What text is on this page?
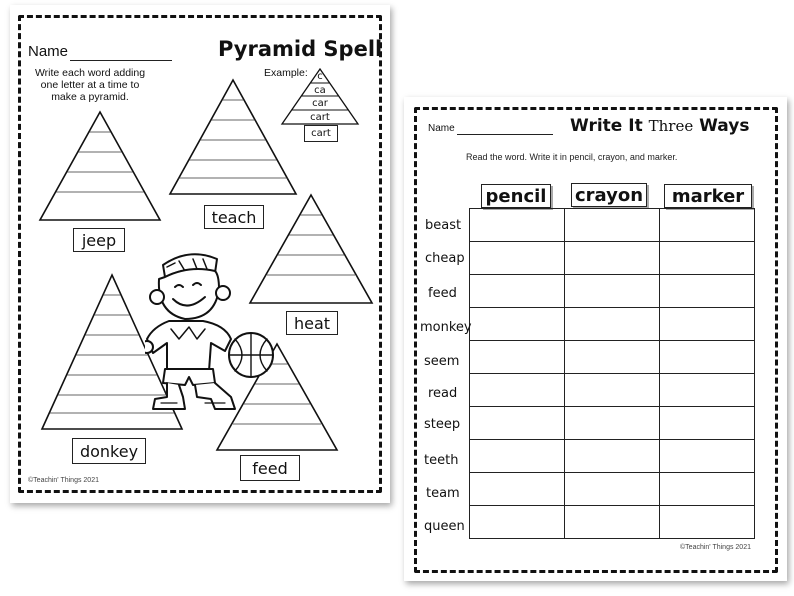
Name	Pyramid Spell
Write each word adding
one letter at a time to
make a pyramid.
Example: c
ca
car
cart
cart
jeep
teach
heat
donkey
feed
©Teachin' Things 2021
Name	Write It Three Ways
Read the word. Write it in pencil, crayon, and marker.
pencil crayon	marker

beast
cheap
feed
monkey
seem
read
steep
teeth
team
queen
©Teachin' Things 2021
